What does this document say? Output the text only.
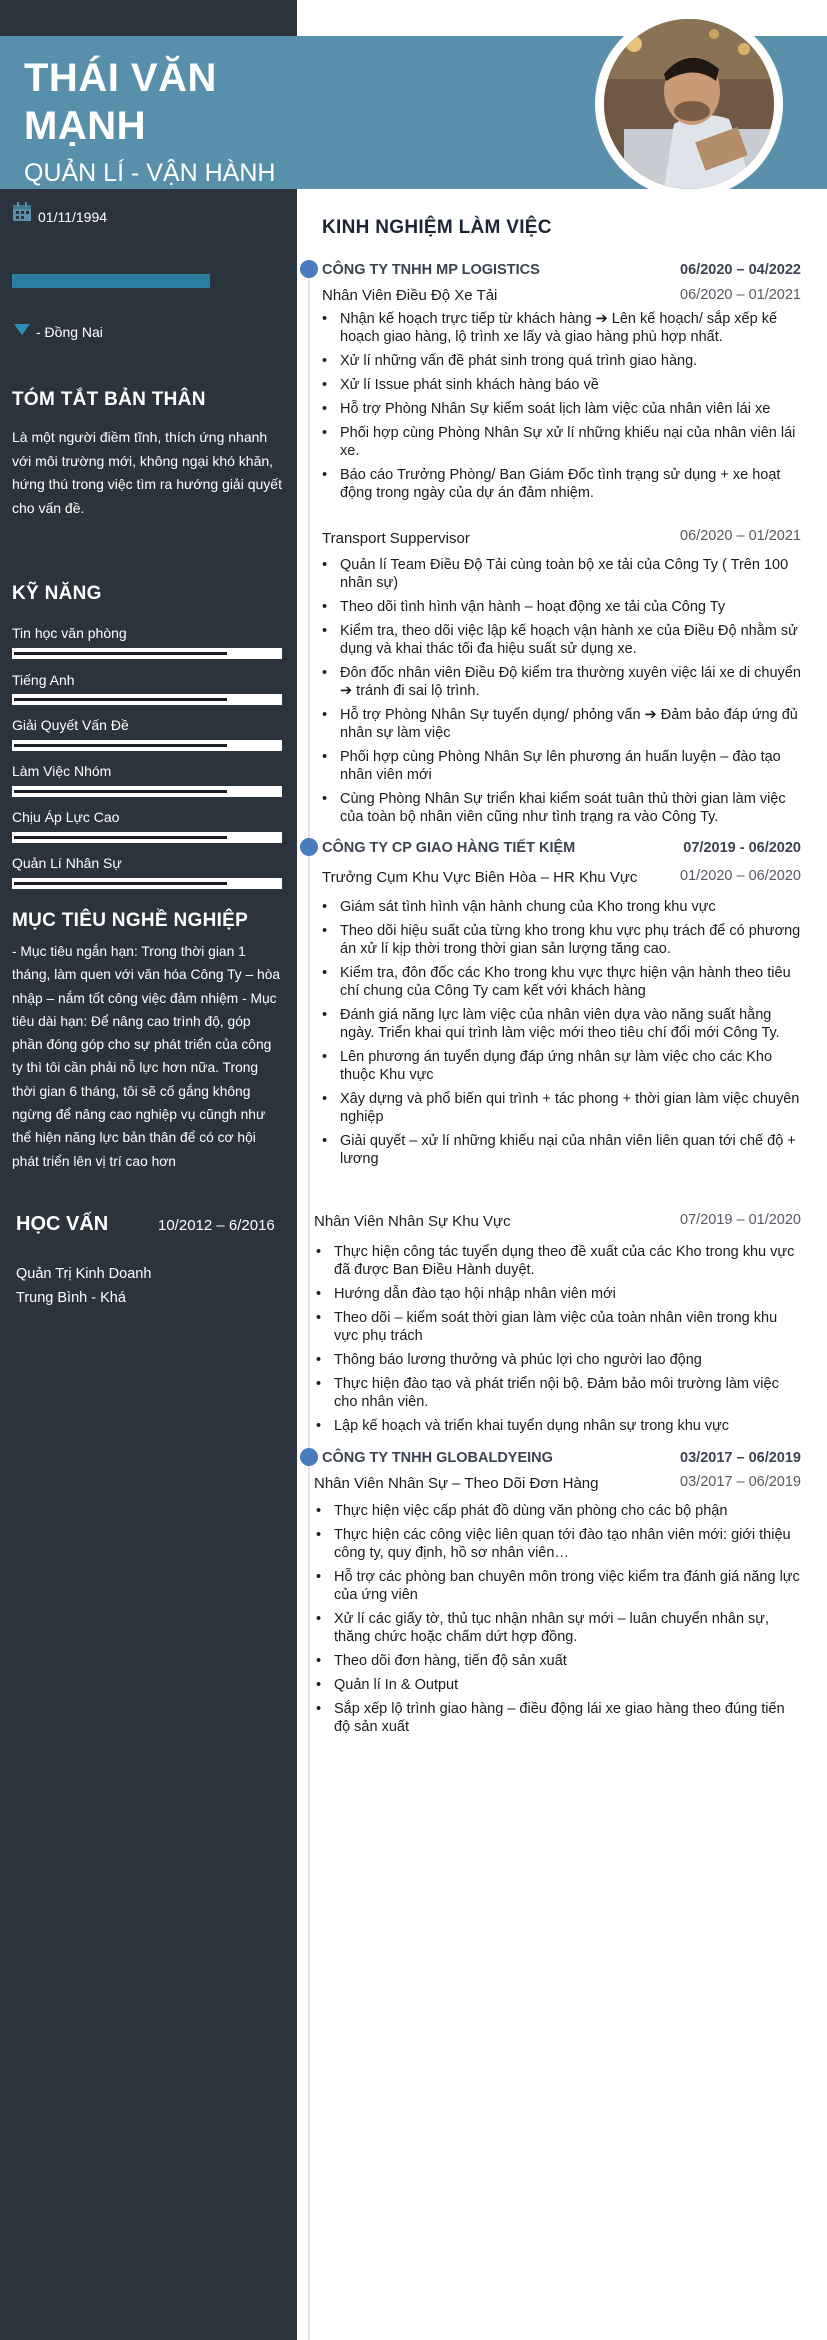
THÁI VĂN MẠNH
QUẢN LÍ - VẬN HÀNH
01/11/1994
- Đồng Nai
TÓM TẮT BẢN THÂN
Là một người điềm tĩnh, thích ứng nhanh với môi trường mới, không ngại khó khăn, hứng thú trong việc tìm ra hướng giải quyết cho vấn đề.
KỸ NĂNG
Tin học văn phòng
Tiếng Anh
Giải Quyết Vấn Đề
Làm Việc Nhóm
Chịu Áp Lực Cao
Quản Lí Nhân Sự
MỤC TIÊU NGHỀ NGHIỆP
- Mục tiêu ngắn hạn: Trong thời gian 1 tháng, làm quen với văn hóa Công Ty – hòa nhập – nắm tốt công việc đảm nhiệm - Mục tiêu dài hạn: Để nâng cao trình độ, góp phần đóng góp cho sự phát triển của công ty thì tôi cần phải nỗ lực hơn nữa. Trong thời gian 6 tháng, tôi sẽ cố gắng không ngừng để nâng cao nghiệp vụ cũngh như thể hiện năng lực bản thân để có cơ hội phát triển lên vị trí cao hơn
HỌC VẤN	10/2012 – 6/2016
Quản Trị Kinh Doanh
Trung Bình - Khá
KINH NGHIỆM LÀM VIỆC
CÔNG TY TNHH MP LOGISTICS	06/2020 – 04/2022
Nhân Viên Điều Độ Xe Tải	06/2020 – 01/2021
• Nhận kế hoạch trực tiếp từ khách hàng ➔ Lên kế hoạch/ sắp xếp kế hoạch giao hàng, lộ trình xe lấy và giao hàng phù hợp nhất.
• Xử lí những vấn đề phát sinh trong quá trình giao hàng.
• Xử lí Issue phát sinh khách hàng báo về
• Hỗ trợ Phòng Nhân Sự kiểm soát lịch làm việc của nhân viên lái xe
• Phối hợp cùng Phòng Nhân Sự xử lí những khiếu nại của nhân viên lái xe.
• Báo cáo Trưởng Phòng/ Ban Giám Đốc tình trạng sử dụng + xe hoạt động trong ngày của dự án đảm nhiệm.
Transport Suppervisor	06/2020 – 01/2021
• Quản lí Team Điều Độ Tải cùng toàn bộ xe tải của Công Ty ( Trên 100 nhân sự)
• Theo dõi tình hình vận hành – hoạt động xe tải của Công Ty
• Kiểm tra, theo dõi việc lập kế hoạch vận hành xe của Điều Độ nhằm sử dụng và khai thác tối đa hiệu suất sử dụng xe.
• Đôn đốc nhân viên Điều Độ kiểm tra thường xuyên việc lái xe di chuyển ➔ tránh đi sai lộ trình.
• Hỗ trợ Phòng Nhân Sự tuyển dụng/ phỏng vấn ➔ Đảm bảo đáp ứng đủ nhân sự làm việc
• Phối hợp cùng Phòng Nhân Sự lên phương án huấn luyện – đào tạo nhân viên mới
• Cùng Phòng Nhân Sự triển khai kiểm soát tuân thủ thời gian làm việc của toàn bộ nhân viên cũng như tình trạng ra vào Công Ty.
CÔNG TY CP GIAO HÀNG TIẾT KIỆM	07/2019 - 06/2020
Trưởng Cụm Khu Vực Biên Hòa – HR Khu Vực	01/2020 – 06/2020
• Giám sát tình hình vận hành chung của Kho trong khu vực
• Theo dõi hiệu suất của từng kho trong khu vực phụ trách để có phương án xử lí kịp thời trong thời gian sản lượng tăng cao.
• Kiểm tra, đôn đốc các Kho trong khu vực thực hiện vận hành theo tiêu chí chung của Công Ty cam kết với khách hàng
• Đánh giá năng lực làm việc của nhân viên dựa vào năng suất hằng ngày. Triển khai qui trình làm việc mới theo tiêu chí đổi mới Công Ty.
• Lên phương án tuyển dụng đáp ứng nhân sự làm việc cho các Kho thuộc Khu vực
• Xây dựng và phổ biến qui trình + tác phong + thời gian làm việc chuyên nghiệp
• Giải quyết – xử lí những khiếu nại của nhân viên liên quan tới chế độ + lương
Nhân Viên Nhân Sự Khu Vực	07/2019 – 01/2020
• Thực hiện công tác tuyển dụng theo đề xuất của các Kho trong khu vực đã được Ban Điều Hành duyệt.
• Hướng dẫn đào tạo hội nhập nhân viên mới
• Theo dõi – kiểm soát thời gian làm việc của toàn nhân viên trong khu vực phụ trách
• Thông báo lương thưởng và phúc lợi cho người lao động
• Thực hiện đào tạo và phát triển nội bộ. Đảm bảo môi trường làm việc cho nhân viên.
• Lập kế hoạch và triển khai tuyển dụng nhân sự trong khu vực
CÔNG TY TNHH GLOBALDYEING	03/2017 – 06/2019
Nhân Viên Nhân Sự – Theo Dõi Đơn Hàng	03/2017 – 06/2019
• Thực hiện việc cấp phát đồ dùng văn phòng cho các bộ phận
• Thực hiện các công việc liên quan tới đào tạo nhân viên mới: giới thiệu công ty, quy định, hồ sơ nhân viên…
• Hỗ trợ các phòng ban chuyên môn trong việc kiểm tra đánh giá năng lực của ứng viên
• Xử lí các giấy tờ, thủ tục nhận nhân sự mới – luân chuyển nhân sự, thăng chức hoặc chấm dứt hợp đồng.
• Theo dõi đơn hàng, tiến độ sản xuất
• Quản lí In & Output
• Sắp xếp lộ trình giao hàng – điều động lái xe giao hàng theo đúng tiến độ sản xuất
